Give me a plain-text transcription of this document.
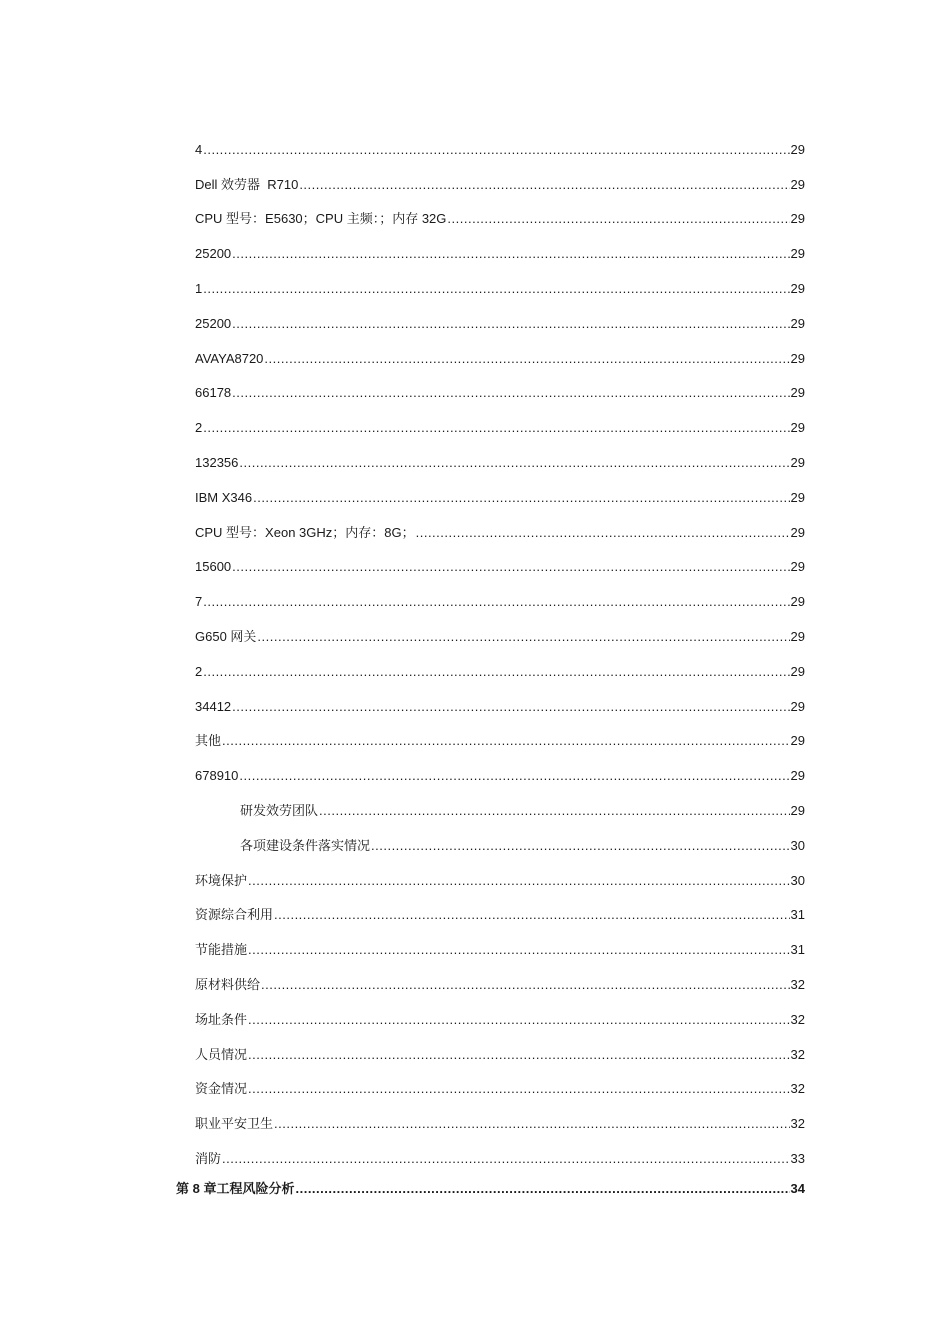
4 .....	29
Dell 效劳器  R710 .....	29
CPU 型号：E5630；CPU 主频：；内存 32G .....	29
25200 .....	29
1 .....	29
25200 .....	29
AVAYA8720 .....	29
66178 .....	29
2 .....	29
132356 .....	29
IBM X346 .....	29
CPU 型号：Xeon 3GHz；内存：8G； .....	29
15600 .....	29
7 .....	29
G650 网关 .....	29
2 .....	29
34412 .....	29
其他 .....	29
678910 .....	29
研发效劳团队 .....	29
各项建设条件落实情况 .....	30
环境保护 .....	30
资源综合利用 .....	31
节能措施 .....	31
原材料供给 .....	32
场址条件 .....	32
人员情况 .....	32
资金情况 .....	32
职业平安卫生 .....	32
消防 .....	33
第 8 章 工程风险分析 .....	34
